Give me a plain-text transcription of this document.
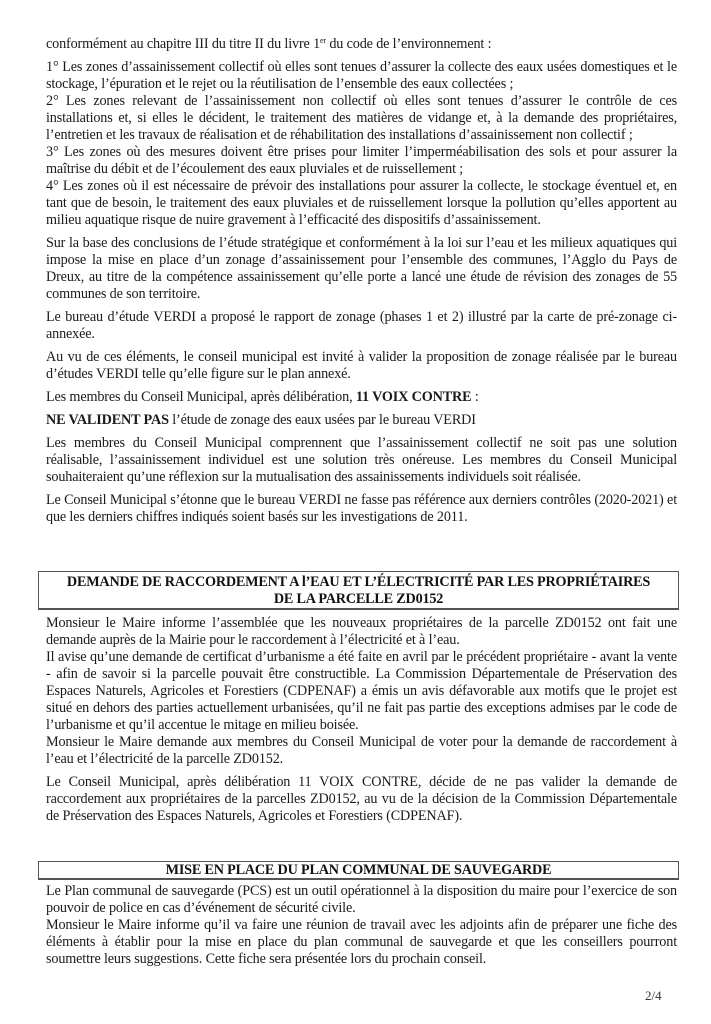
conformément au chapitre III du titre II du livre 1er du code de l’environnement :

1° Les zones d’assainissement collectif où elles sont tenues d’assurer la collecte des eaux usées domestiques et le stockage, l’épuration et le rejet ou la réutilisation de l’ensemble des eaux collectées ;

2° Les zones relevant de l’assainissement non collectif où elles sont tenues d’assurer le contrôle de ces installations et, si elles le décident, le traitement des matières de vidange et, à la demande des propriétaires, l’entretien et les travaux de réalisation et de réhabilitation des installations d’assainissement non collectif ;

3° Les zones où des mesures doivent être prises pour limiter l’imperméabilisation des sols et pour assurer la maîtrise du débit et de l’écoulement des eaux pluviales et de ruissellement ;

4° Les zones où il est nécessaire de prévoir des installations pour assurer la collecte, le stockage éventuel et, en tant que de besoin, le traitement des eaux pluviales et de ruissellement lorsque la pollution qu’elles apportent au milieu aquatique risque de nuire gravement à l’efficacité des dispositifs d’assainissement.

Sur la base des conclusions de l’étude stratégique et conformément à la loi sur l’eau et les milieux aquatiques qui impose la mise en place d’un zonage d’assainissement pour l’ensemble des communes, l’Agglo du Pays de Dreux, au titre de la compétence assainissement qu’elle porte a lancé une étude de révision des zonages de 55 communes de son territoire.

Le bureau d’étude VERDI a proposé le rapport de zonage (phases 1 et 2) illustré par la carte de pré-zonage ci-annexée.

Au vu de ces éléments, le conseil municipal est invité à valider la proposition de zonage réalisée par le bureau d’études VERDI telle qu’elle figure sur le plan annexé.

Les membres du Conseil Municipal, après délibération, 11 VOIX CONTRE :

NE VALIDENT PAS l’étude de zonage des eaux usées par le bureau VERDI

Les membres du Conseil Municipal comprennent que l’assainissement collectif ne soit pas une solution réalisable, l’assainissement individuel est une solution très onéreuse. Les membres du Conseil Municipal souhaiteraient qu’une réflexion sur la mutualisation des assainissements individuels soit réalisée.

Le Conseil Municipal s’étonne que le bureau VERDI ne fasse pas référence aux derniers contrôles (2020-2021) et que les derniers chiffres indiqués soient basés sur les investigations de 2011.

DEMANDE DE RACCORDEMENT A l’EAU ET L’ÉLECTRICITÉ PAR LES PROPRIÉTAIRES
DE LA PARCELLE ZD0152

Monsieur le Maire informe l’assemblée que les nouveaux propriétaires de la parcelle ZD0152 ont fait une demande auprès de la Mairie pour le raccordement à l’électricité et à l’eau.

Il avise qu’une demande de certificat d’urbanisme a été faite en avril par le précédent propriétaire - avant la vente - afin de savoir si la parcelle pouvait être constructible. La Commission Départementale de Préservation des Espaces Naturels, Agricoles et Forestiers (CDPENAF) a émis un avis défavorable aux motifs que le projet est situé en dehors des parties actuellement urbanisées, qu’il ne fait pas partie des exceptions admises par le code de l’urbanisme et qu’il accentue le mitage en milieu boisée.

Monsieur le Maire demande aux membres du Conseil Municipal de voter pour la demande de raccordement à l’eau et l’électricité de la parcelle ZD0152.

Le Conseil Municipal, après délibération 11 VOIX CONTRE, décide de ne pas valider la demande de raccordement aux propriétaires de la parcelles ZD0152, au vu de la décision de la Commission Départementale de Préservation des Espaces Naturels, Agricoles et Forestiers (CDPENAF).

MISE EN PLACE DU PLAN COMMUNAL DE SAUVEGARDE

Le Plan communal de sauvegarde (PCS) est un outil opérationnel à la disposition du maire pour l’exercice de son pouvoir de police en cas d’événement de sécurité civile.

Monsieur le Maire informe qu’il va faire une réunion de travail avec les adjoints afin de préparer une fiche des éléments à établir pour la mise en place du plan communal de sauvegarde et que les conseillers pourront soumettre leurs suggestions. Cette fiche sera présentée lors du prochain conseil.

2/4
